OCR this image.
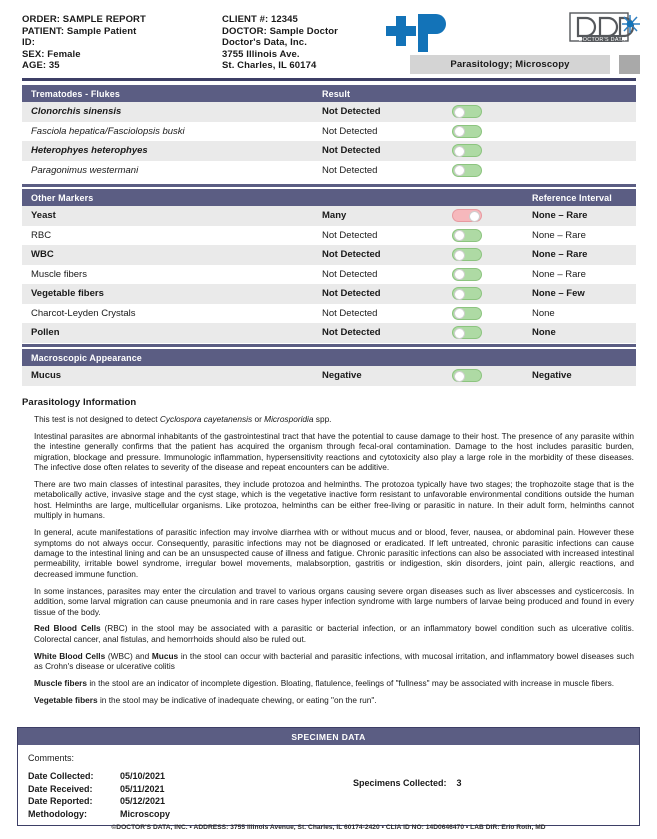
ORDER: SAMPLE REPORT
PATIENT: Sample Patient
ID:
SEX: Female
AGE: 35
CLIENT #: 12345
DOCTOR: Sample Doctor
Doctor's Data, Inc.
3755 Illinois Ave.
St. Charles, IL 60174
DOCTOR'S DATA
Parasitology; Microscopy
Trematodes - Flukes	Result
Clonorchis sinensis	Not Detected
Fasciola hepatica/Fasciolopsis buski	Not Detected
Heterophyes heterophyes	Not Detected
Paragonimus westermani	Not Detected
Other Markers	Reference Interval
Yeast	Many	None – Rare
RBC	Not Detected	None – Rare
WBC	Not Detected	None – Rare
Muscle fibers	Not Detected	None – Rare
Vegetable fibers	Not Detected	None – Few
Charcot-Leyden Crystals	Not Detected	None
Pollen	Not Detected	None
Macroscopic Appearance
Mucus	Negative	Negative
Parasitology Information

This test is not designed to detect Cyclospora cayetanensis or Microsporidia spp.

Intestinal parasites are abnormal inhabitants of the gastrointestinal tract that have the potential to cause damage to their host. The presence of any parasite within the intestine generally confirms that the patient has acquired the organism through fecal-oral contamination. Damage to the host includes parasitic burden, migration, blockage and pressure. Immunologic inflammation, hypersensitivity reactions and cytotoxicity also play a large role in the morbidity of these diseases. The infective dose often relates to severity of the disease and repeat encounters can be additive.

There are two main classes of intestinal parasites, they include protozoa and helminths. The protozoa typically have two stages; the trophozoite stage that is the metabolically active, invasive stage and the cyst stage, which is the vegetative inactive form resistant to unfavorable environmental conditions outside the human host. Helminths are large, multicellular organisms. Like protozoa, helminths can be either free-living or parasitic in nature. In their adult form, helminths cannot multiply in humans.

In general, acute manifestations of parasitic infection may involve diarrhea with or without mucus and or blood, fever, nausea, or abdominal pain. However these symptoms do not always occur. Consequently, parasitic infections may not be diagnosed or eradicated. If left untreated, chronic parasitic infections can cause damage to the intestinal lining and can be an unsuspected cause of illness and fatigue. Chronic parasitic infections can also be associated with increased intestinal permeability, irritable bowel syndrome, irregular bowel movements, malabsorption, gastritis or indigestion, skin disorders, joint pain, allergic reactions, and decreased immune function.

In some instances, parasites may enter the circulation and travel to various organs causing severe organ diseases such as liver abscesses and cysticercosis. In addition, some larval migration can cause pneumonia and in rare cases hyper infection syndrome with large numbers of larvae being produced and found in every tissue of the body.

Red Blood Cells (RBC) in the stool may be associated with a parasitic or bacterial infection, or an inflammatory bowel condition such as ulcerative colitis. Colorectal cancer, anal fistulas, and hemorrhoids should also be ruled out.

White Blood Cells (WBC) and Mucus in the stool can occur with bacterial and parasitic infections, with mucosal irritation, and inflammatory bowel diseases such as Crohn's disease or ulcerative colitis

Muscle fibers in the stool are an indicator of incomplete digestion. Bloating, flatulence, feelings of "fullness" may be associated with increase in muscle fibers.

Vegetable fibers in the stool may be indicative of inadequate chewing, or eating "on the run".

SPECIMEN DATA
Comments:
Date Collected:	05/10/2021
Date Received:	05/11/2021
Date Reported:	05/12/2021
Methodology:	Microscopy
Specimens Collected: 3
©DOCTOR'S DATA, INC. • ADDRESS: 3755 Illinois Avenue, St. Charles, IL 60174-2420 • CLIA ID NO: 14D0646470 • LAB DIR: Erlo Roth, MD
